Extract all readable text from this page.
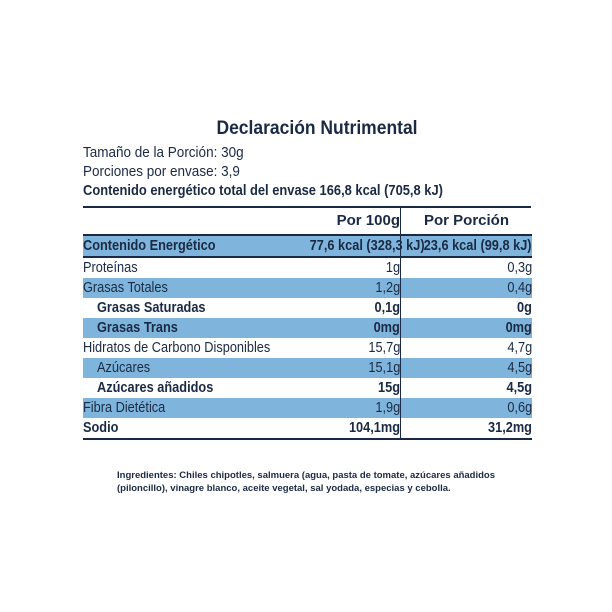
Declaración Nutrimental
Tamaño de la Porción: 30g
Porciones por envase: 3,9
Contenido energético total del envase 166,8 kcal (705,8 kJ)
	Por 100g	Por Porción
Contenido Energético	77,6 kcal (328,3 kJ)	23,6 kcal (99,8 kJ)
Proteínas	1g	0,3g
Grasas Totales	1,2g	0,4g
Grasas Saturadas	0,1g	0g
Grasas Trans	0mg	0mg
Hidratos de Carbono Disponibles	15,7g	4,7g
Azúcares	15,1g	4,5g
Azúcares añadidos	15g	4,5g
Fibra Dietética	1,9g	0,6g
Sodio	104,1mg	31,2mg
Ingredientes: Chiles chipotles, salmuera (agua, pasta de tomate, azúcares añadidos (piloncillo), vinagre blanco, aceite vegetal, sal yodada, especias y cebolla.
